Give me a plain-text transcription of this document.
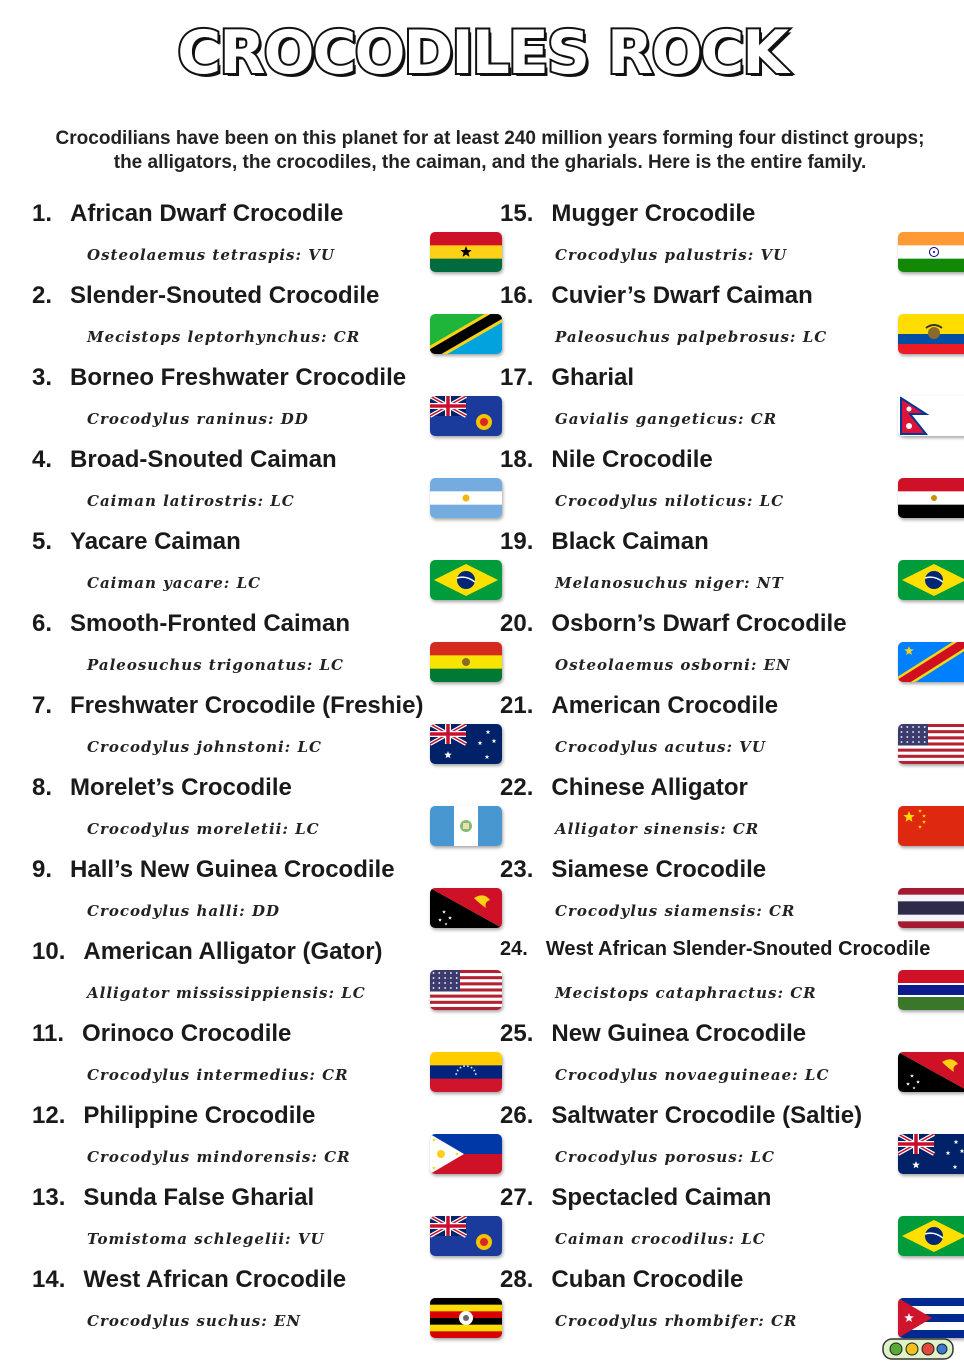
CROCODILES ROCK
Crocodilians have been on this planet for at least 240 million years forming four distinct groups; the alligators, the crocodiles, the caiman, and the gharials. Here is the entire family.
1. African Dwarf Crocodile
Osteolaemus tetraspis: VU
2. Slender-Snouted Crocodile
Mecistops leptorhynchus: CR
3. Borneo Freshwater Crocodile
Crocodylus raninus: DD
4. Broad-Snouted Caiman
Caiman latirostris: LC
5. Yacare Caiman
Caiman yacare: LC
6. Smooth-Fronted Caiman
Paleosuchus trigonatus: LC
7. Freshwater Crocodile (Freshie)
Crocodylus johnstoni: LC
8. Morelet’s Crocodile
Crocodylus moreletii: LC
9. Hall’s New Guinea Crocodile
Crocodylus halli: DD
10. American Alligator (Gator)
Alligator mississippiensis: LC
11. Orinoco Crocodile
Crocodylus intermedius: CR
12. Philippine Crocodile
Crocodylus mindorensis: CR
13. Sunda False Gharial
Tomistoma schlegelii: VU
14. West African Crocodile
Crocodylus suchus: EN
15. Mugger Crocodile
Crocodylus palustris: VU
16. Cuvier’s Dwarf Caiman
Paleosuchus palpebrosus: LC
17. Gharial
Gavialis gangeticus: CR
18. Nile Crocodile
Crocodylus niloticus: LC
19. Black Caiman
Melanosuchus niger: NT
20. Osborn’s Dwarf Crocodile
Osteolaemus osborni: EN
21. American Crocodile
Crocodylus acutus: VU
22. Chinese Alligator
Alligator sinensis: CR
23. Siamese Crocodile
Crocodylus siamensis: CR
24. West African Slender-Snouted Crocodile
Mecistops cataphractus: CR
25. New Guinea Crocodile
Crocodylus novaeguineae: LC
26. Saltwater Crocodile (Saltie)
Crocodylus porosus: LC
27. Spectacled Caiman
Caiman crocodilus: LC
28. Cuban Crocodile
Crocodylus rhombifer: CR
